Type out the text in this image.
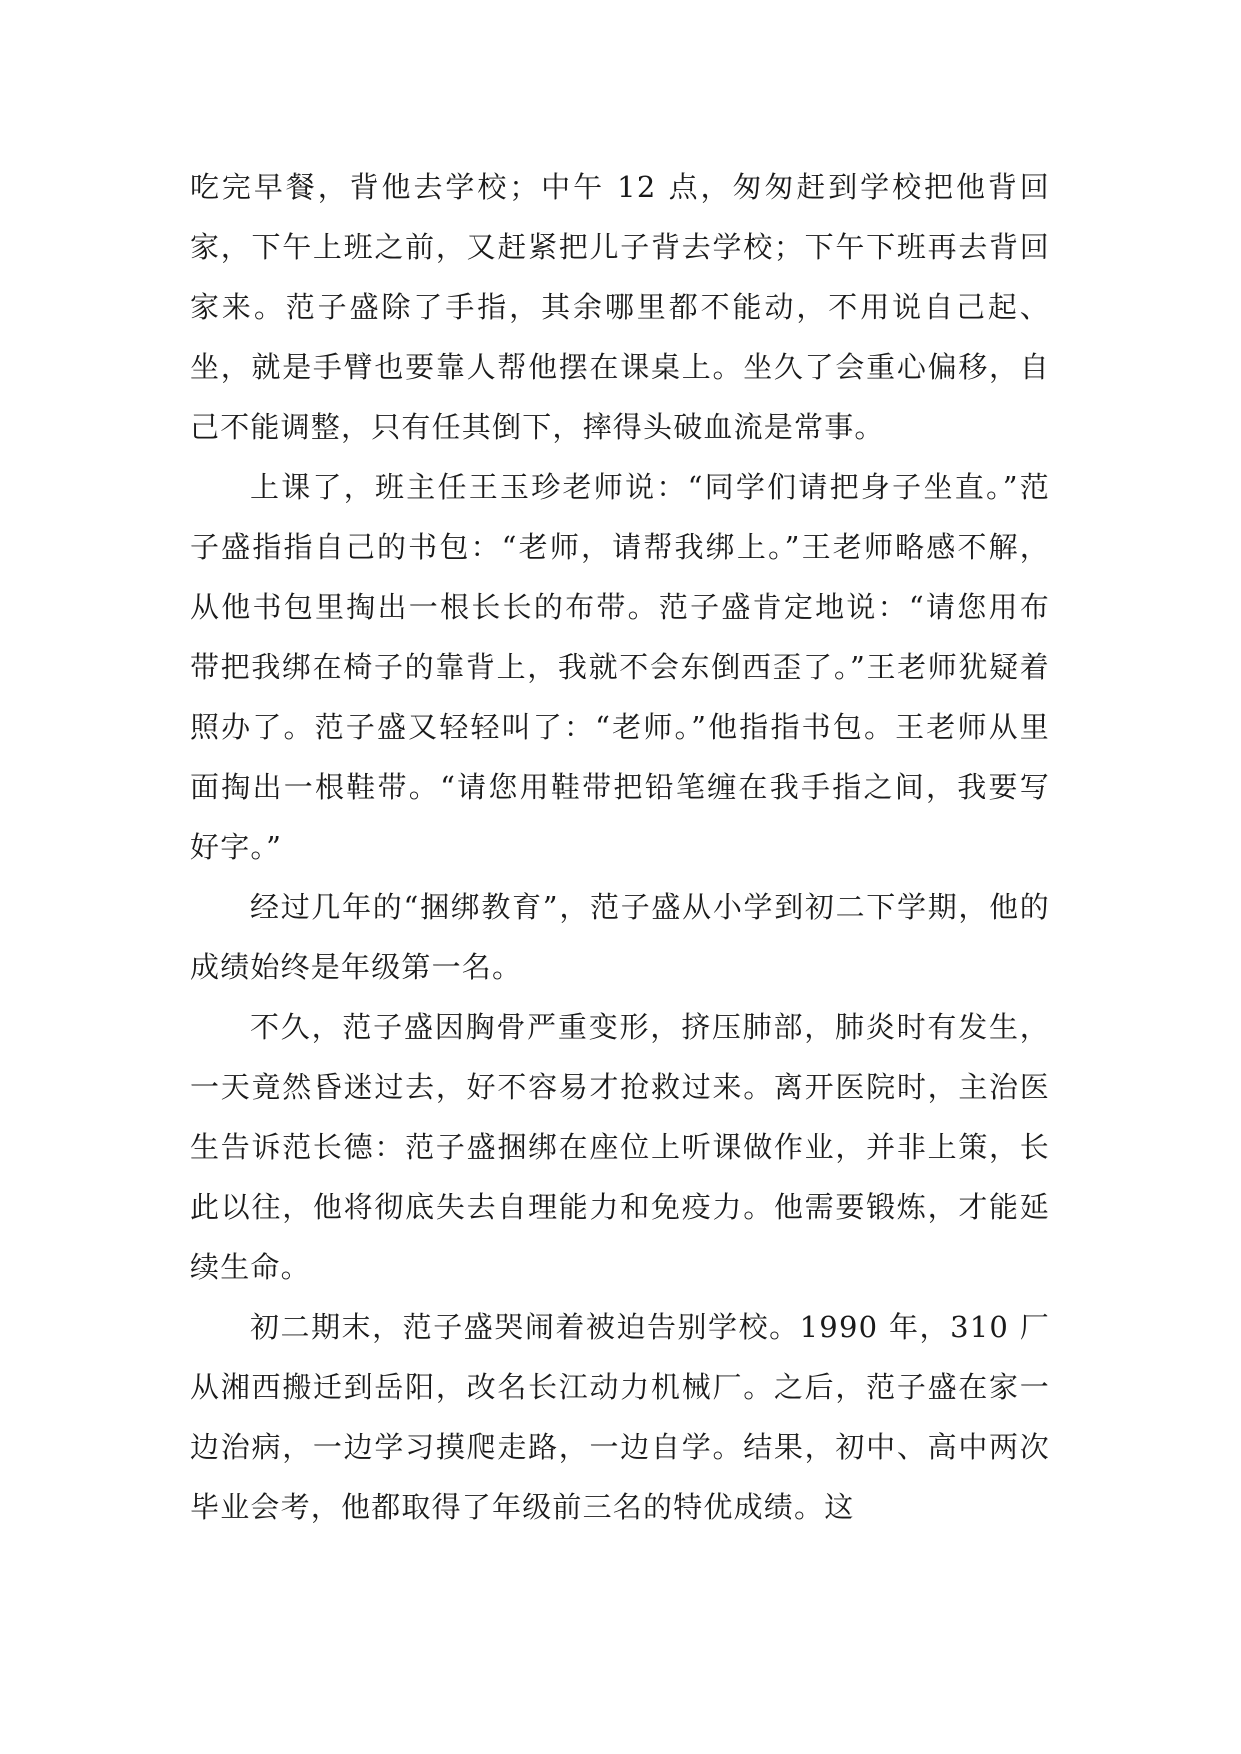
吃完早餐，背他去学校；中午 12 点，匆匆赶到学校把他背回家，下午上班之前，又赶紧把儿子背去学校；下午下班再去背回家来。范子盛除了手指，其余哪里都不能动，不用说自己起、坐，就是手臂也要靠人帮他摆在课桌上。坐久了会重心偏移，自己不能调整，只有任其倒下，摔得头破血流是常事。

上课了，班主任王玉珍老师说：“同学们请把身子坐直。”范子盛指指自己的书包：“老师，请帮我绑上。”王老师略感不解，从他书包里掏出一根长长的布带。范子盛肯定地说：“请您用布带把我绑在椅子的靠背上，我就不会东倒西歪了。”王老师犹疑着照办了。范子盛又轻轻叫了：“老师。”他指指书包。王老师从里面掏出一根鞋带。“请您用鞋带把铅笔缠在我手指之间，我要写好字。”

经过几年的“捆绑教育”，范子盛从小学到初二下学期，他的成绩始终是年级第一名。

不久，范子盛因胸骨严重变形，挤压肺部，肺炎时有发生，一天竟然昏迷过去，好不容易才抢救过来。离开医院时，主治医生告诉范长德：范子盛捆绑在座位上听课做作业，并非上策，长此以往，他将彻底失去自理能力和免疫力。他需要锻炼，才能延续生命。

初二期末，范子盛哭闹着被迫告别学校。1990 年，310 厂从湘西搬迁到岳阳，改名长江动力机械厂。之后，范子盛在家一边治病，一边学习摸爬走路，一边自学。结果，初中、高中两次毕业会考，他都取得了年级前三名的特优成绩。这
